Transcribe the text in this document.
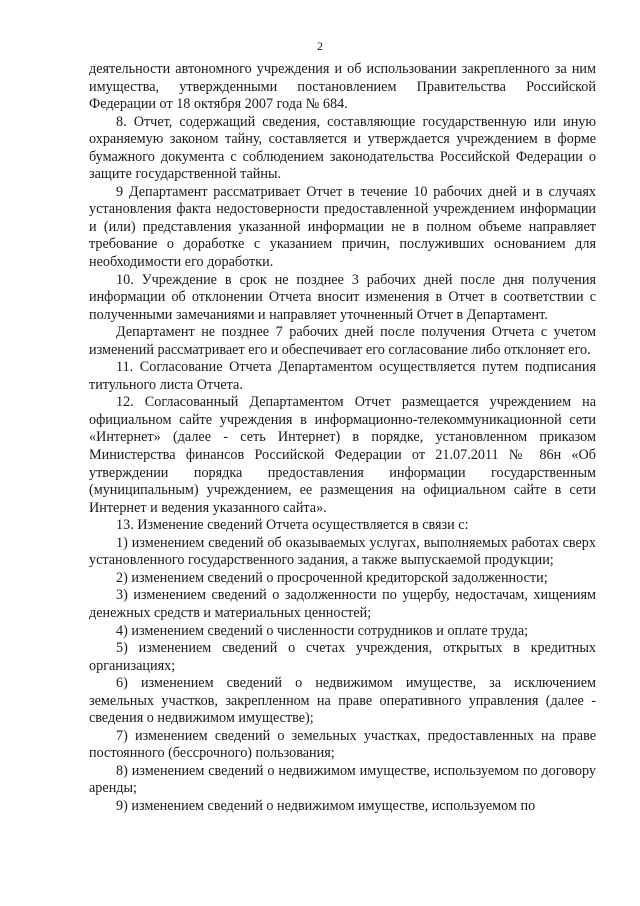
2

деятельности автономного учреждения и об использовании закрепленного за ним имущества, утвержденными постановлением Правительства Российской Федерации от 18 октября 2007 года № 684.

8. Отчет, содержащий сведения, составляющие государственную или иную охраняемую законом тайну, составляется и утверждается учреждением в форме бумажного документа с соблюдением законодательства Российской Федерации о защите государственной тайны.

9 Департамент рассматривает Отчет в течение 10 рабочих дней и в случаях установления факта недостоверности предоставленной учреждением информации и (или) представления указанной информации не в полном объеме направляет требование о доработке с указанием причин, послуживших основанием для необходимости его доработки.

10. Учреждение в срок не позднее 3 рабочих дней после дня получения информации об отклонении Отчета вносит изменения в Отчет в соответствии с полученными замечаниями и направляет уточненный Отчет в Департамент.

Департамент не позднее 7 рабочих дней после получения Отчета с учетом изменений рассматривает его и обеспечивает его согласование либо отклоняет его.

11. Согласование Отчета Департаментом осуществляется путем подписания титульного листа Отчета.

12. Согласованный Департаментом Отчет размещается учреждением на официальном сайте учреждения в информационно-телекоммуникационной сети «Интернет» (далее - сеть Интернет) в порядке, установленном приказом Министерства финансов Российской Федерации от 21.07.2011 № 86н «Об утверждении порядка предоставления информации государственным (муниципальным) учреждением, ее размещения на официальном сайте в сети Интернет и ведения указанного сайта».

13. Изменение сведений Отчета осуществляется в связи с:

1) изменением сведений об оказываемых услугах, выполняемых работах сверх установленного государственного задания, а также выпускаемой продукции;

2) изменением сведений о просроченной кредиторской задолженности;

3) изменением сведений о задолженности по ущербу, недостачам, хищениям денежных средств и материальных ценностей;

4) изменением сведений о численности сотрудников и оплате труда;

5) изменением сведений о счетах учреждения, открытых в кредитных организациях;

6) изменением сведений о недвижимом имуществе, за исключением земельных участков, закрепленном на праве оперативного управления (далее - сведения о недвижимом имуществе);

7) изменением сведений о земельных участках, предоставленных на праве постоянного (бессрочного) пользования;

8) изменением сведений о недвижимом имуществе, используемом по договору аренды;

9) изменением сведений о недвижимом имуществе, используемом по
